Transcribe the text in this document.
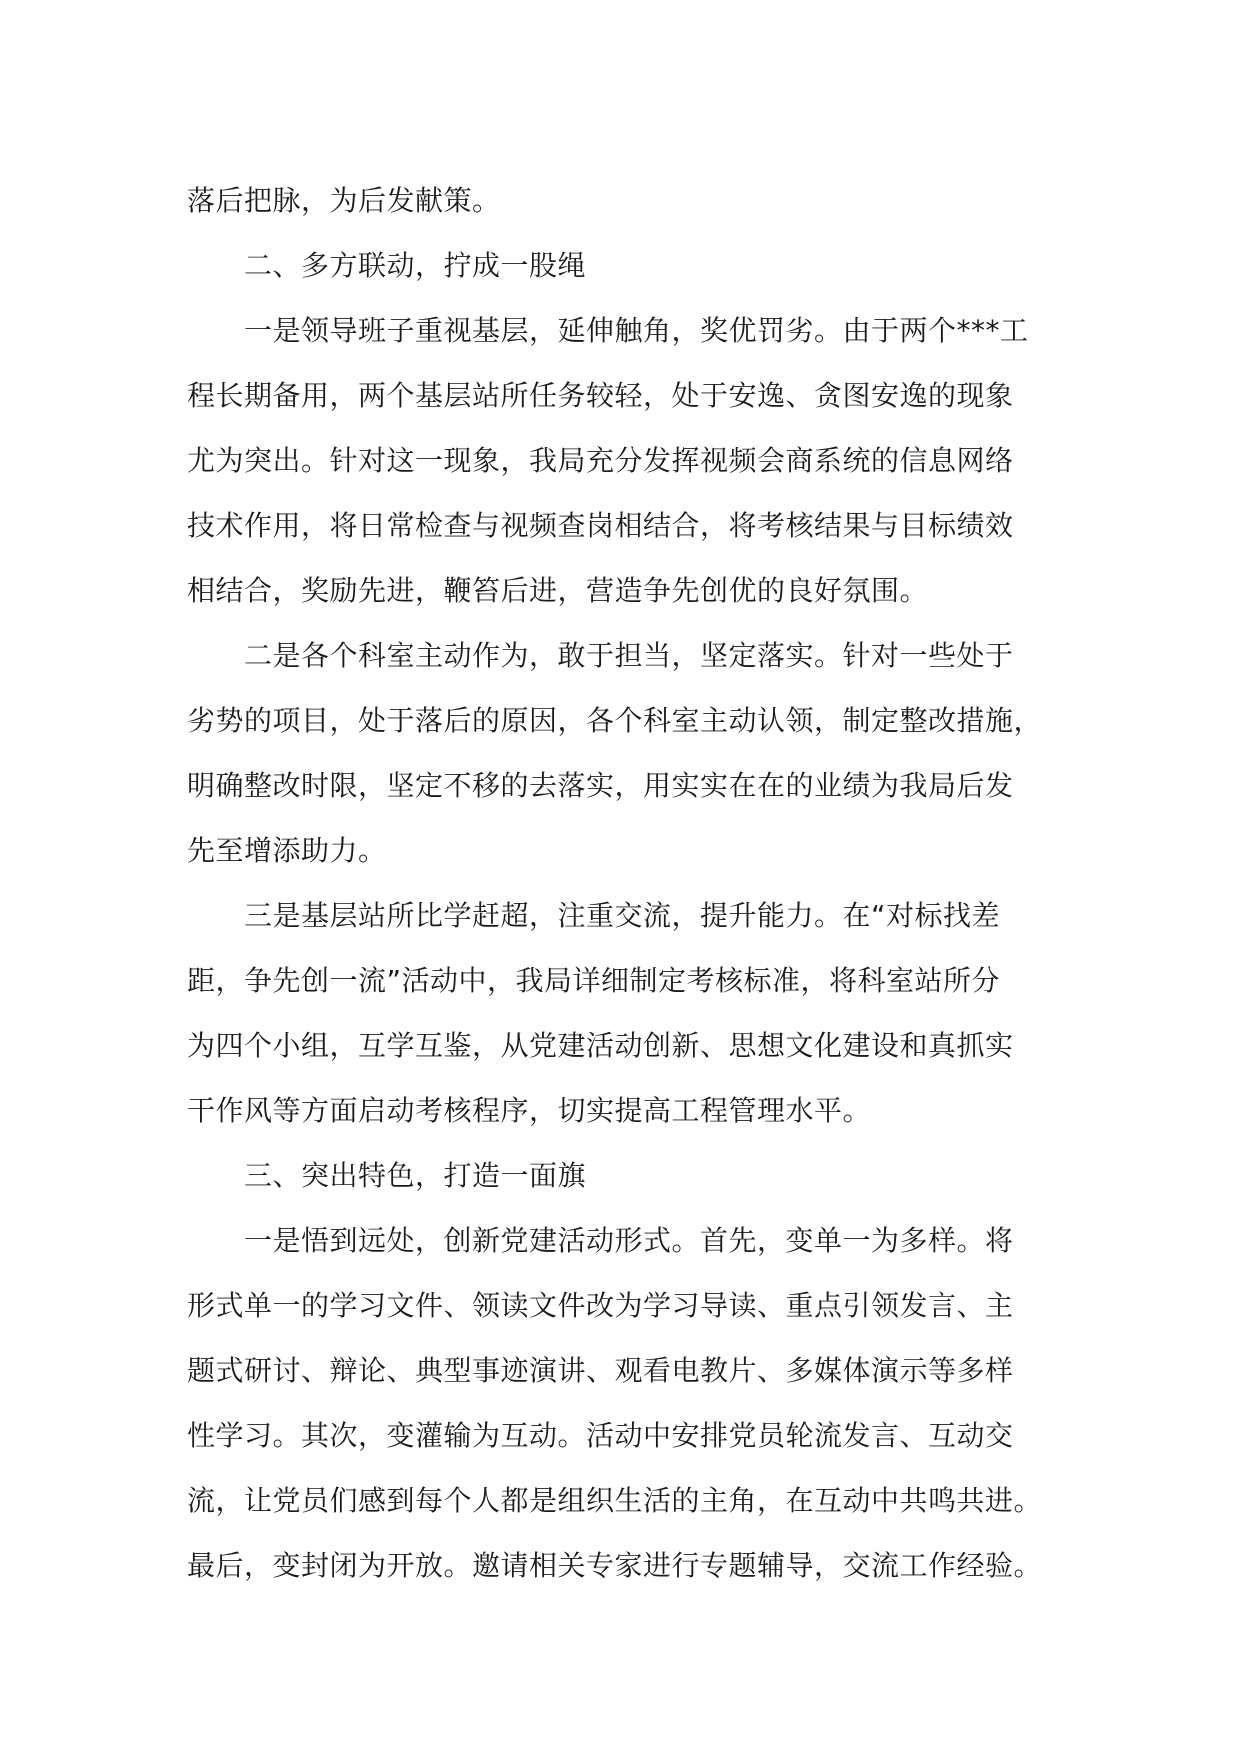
落后把脉，为后发献策。
二、多方联动，拧成一股绳
一是领导班子重视基层，延伸触角，奖优罚劣。由于两个***工
程长期备用，两个基层站所任务较轻，处于安逸、贪图安逸的现象
尤为突出。针对这一现象，我局充分发挥视频会商系统的信息网络
技术作用，将日常检查与视频查岗相结合，将考核结果与目标绩效
相结合，奖励先进，鞭笞后进，营造争先创优的良好氛围。
二是各个科室主动作为，敢于担当，坚定落实。针对一些处于
劣势的项目，处于落后的原因，各个科室主动认领，制定整改措施，
明确整改时限，坚定不移的去落实，用实实在在的业绩为我局后发
先至增添助力。
三是基层站所比学赶超，注重交流，提升能力。在“对标找差
距，争先创一流”活动中，我局详细制定考核标准，将科室站所分
为四个小组，互学互鉴，从党建活动创新、思想文化建设和真抓实
干作风等方面启动考核程序，切实提高工程管理水平。
三、突出特色，打造一面旗
一是悟到远处，创新党建活动形式。首先，变单一为多样。将
形式单一的学习文件、领读文件改为学习导读、重点引领发言、主
题式研讨、辩论、典型事迹演讲、观看电教片、多媒体演示等多样
性学习。其次，变灌输为互动。活动中安排党员轮流发言、互动交
流，让党员们感到每个人都是组织生活的主角，在互动中共鸣共进。
最后，变封闭为开放。邀请相关专家进行专题辅导，交流工作经验。
